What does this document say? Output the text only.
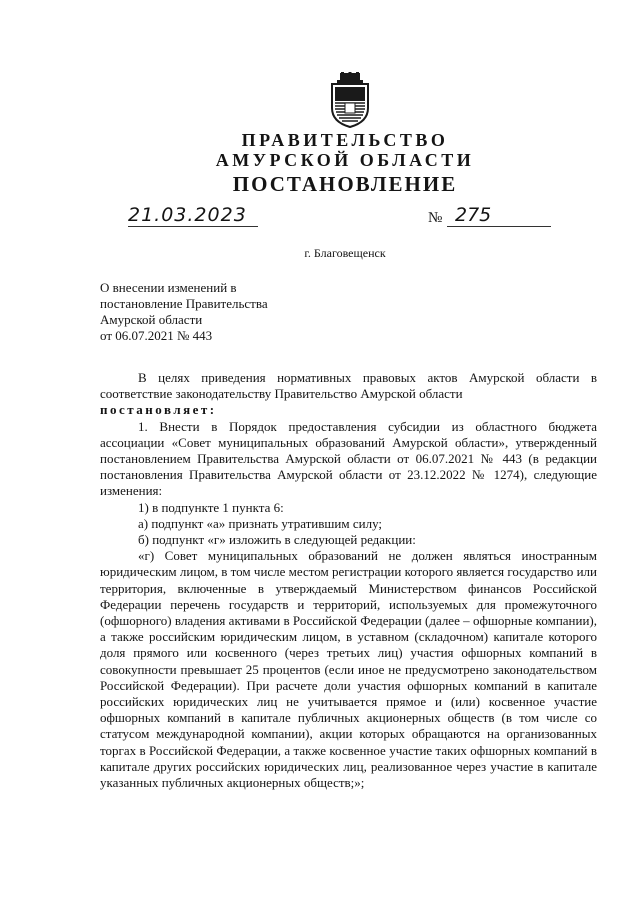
ПРАВИТЕЛЬСТВО
АМУРСКОЙ ОБЛАСТИ
ПОСТАНОВЛЕНИЕ
21.03.2023	№ 275
г. Благовещенск
О внесении изменений в
постановление Правительства
Амурской области
от 06.07.2021 № 443

В целях приведения нормативных правовых актов Амурской области в соответствие законодательству Правительство Амурской области

постановляет:

1. Внести в Порядок предоставления субсидии из областного бюджета ассоциации «Совет муниципальных образований Амурской области», утвержденный постановлением Правительства Амурской области от 06.07.2021 № 443 (в редакции постановления Правительства Амурской области от 23.12.2022 № 1274), следующие изменения:

1) в подпункте 1 пункта 6:

а) подпункт «а» признать утратившим силу;

б) подпункт «г» изложить в следующей редакции:

«г) Совет муниципальных образований не должен являться иностранным юридическим лицом, в том числе местом регистрации которого является государство или территория, включенные в утверждаемый Министерством финансов Российской Федерации перечень государств и территорий, используемых для промежуточного (офшорного) владения активами в Российской Федерации (далее – офшорные компании), а также российским юридическим лицом, в уставном (складочном) капитале которого доля прямого или косвенного (через третьих лиц) участия офшорных компаний в совокупности превышает 25 процентов (если иное не предусмотрено законодательством Российской Федерации). При расчете доли участия офшорных компаний в капитале российских юридических лиц не учитывается прямое и (или) косвенное участие офшорных компаний в капитале публичных акционерных обществ (в том числе со статусом международной компании), акции которых обращаются на организованных торгах в Российской Федерации, а также косвенное участие таких офшорных компаний в капитале других российских юридических лиц, реализованное через участие в капитале указанных публичных акционерных обществ;»;
